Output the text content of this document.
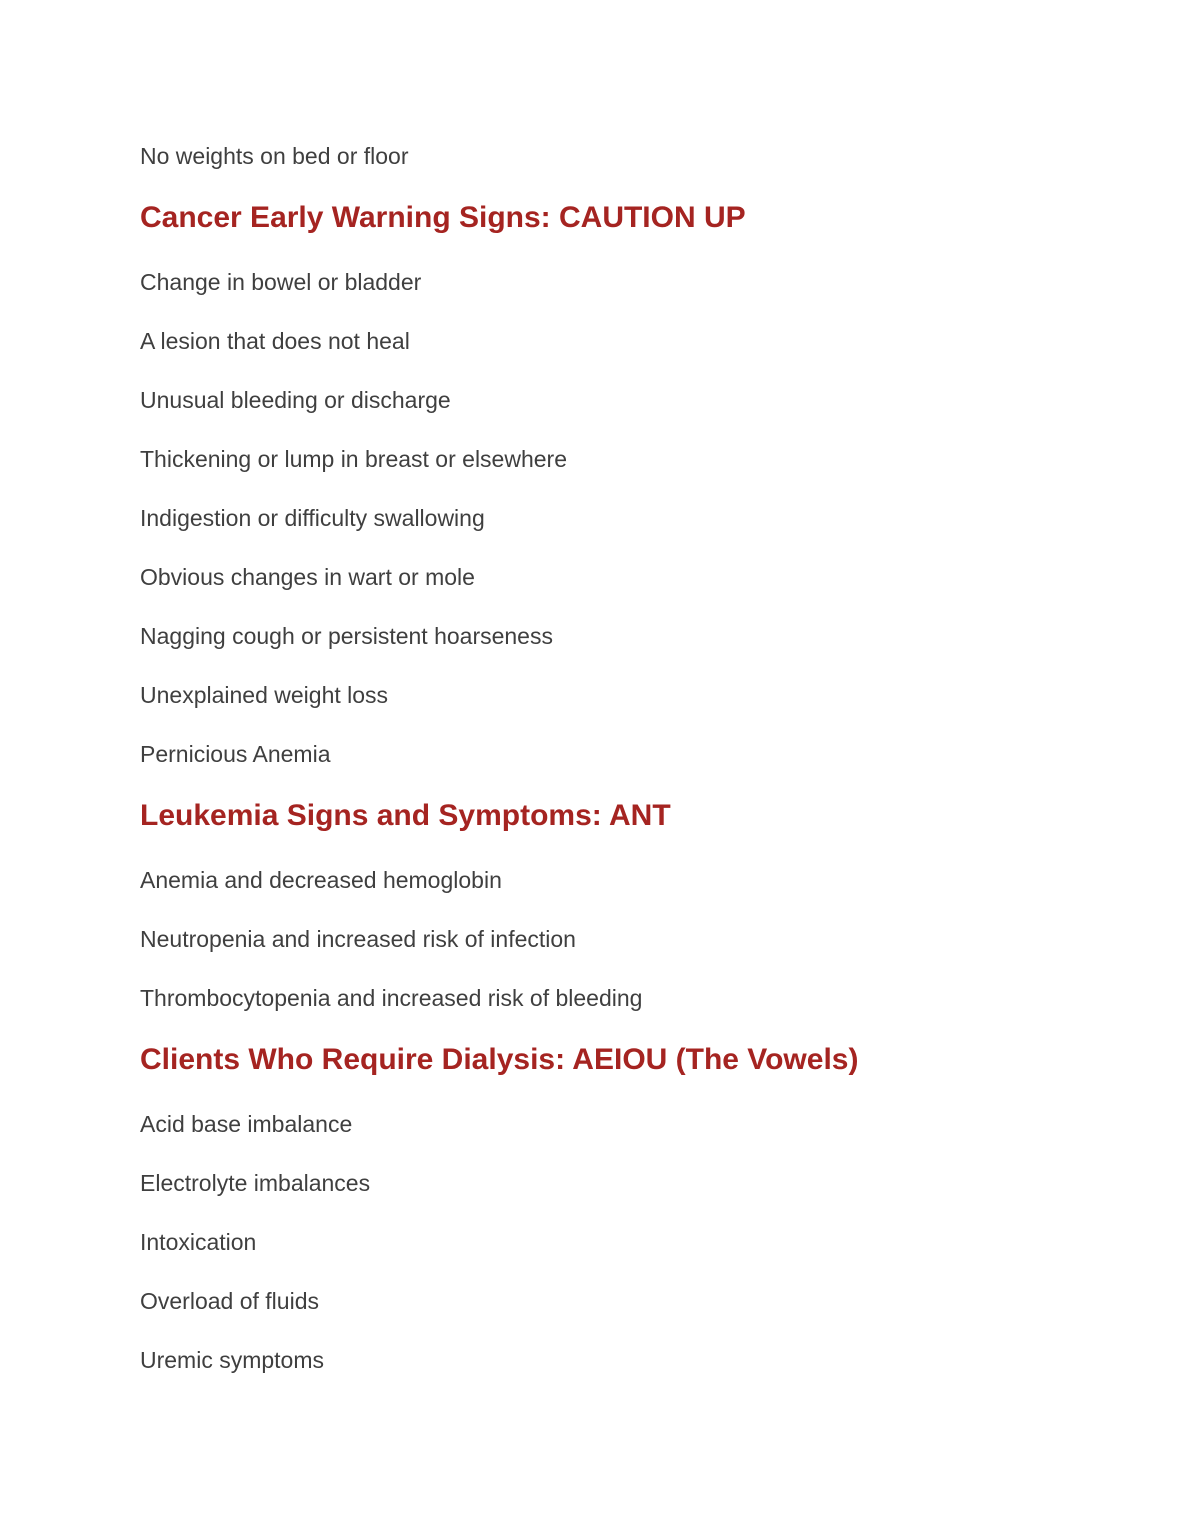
No weights on bed or floor
Cancer Early Warning Signs: CAUTION UP
Change in bowel or bladder
A lesion that does not heal
Unusual bleeding or discharge
Thickening or lump in breast or elsewhere
Indigestion or difficulty swallowing
Obvious changes in wart or mole
Nagging cough or persistent hoarseness
Unexplained weight loss
Pernicious Anemia
Leukemia Signs and Symptoms: ANT
Anemia and decreased hemoglobin
Neutropenia and increased risk of infection
Thrombocytopenia and increased risk of bleeding
Clients Who Require Dialysis: AEIOU (The Vowels)
Acid base imbalance
Electrolyte imbalances
Intoxication
Overload of fluids
Uremic symptoms
